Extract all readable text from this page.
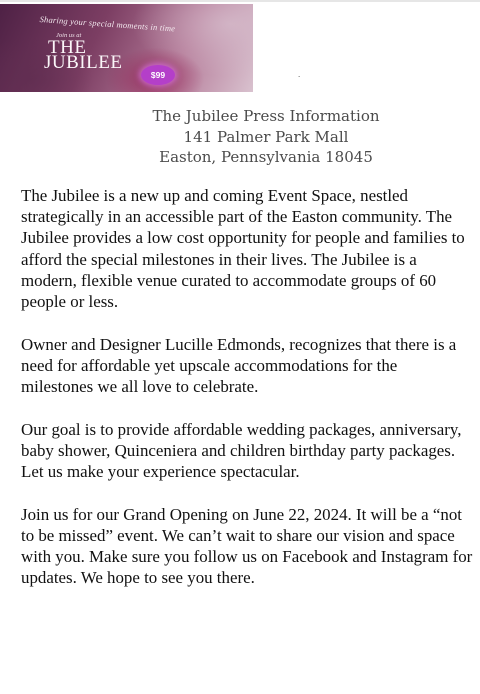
Sharing your special moments in time
Join us at
THE
JUBILEE
$99	.
The Jubilee Press Information
141 Palmer Park Mall
Easton, Pennsylvania 18045

The Jubilee is a new up and coming Event Space, nestled strategically in an accessible part of the Easton community. The Jubilee provides a low cost opportunity for people and families to afford the special milestones in their lives. The Jubilee is a modern, flexible venue curated to accommodate groups of 60 people or less.

Owner and Designer Lucille Edmonds, recognizes that there is a need for affordable yet upscale accommodations for the milestones we all love to celebrate.

Our goal is to provide affordable wedding packages, anniversary, baby shower, Quinceniera and children birthday party packages. Let us make your experience spectacular.

Join us for our Grand Opening on June 22, 2024. It will be a “not to be missed” event. We can’t wait to share our vision and space with you. Make sure you follow us on Facebook and Instagram for updates. We hope to see you there.
